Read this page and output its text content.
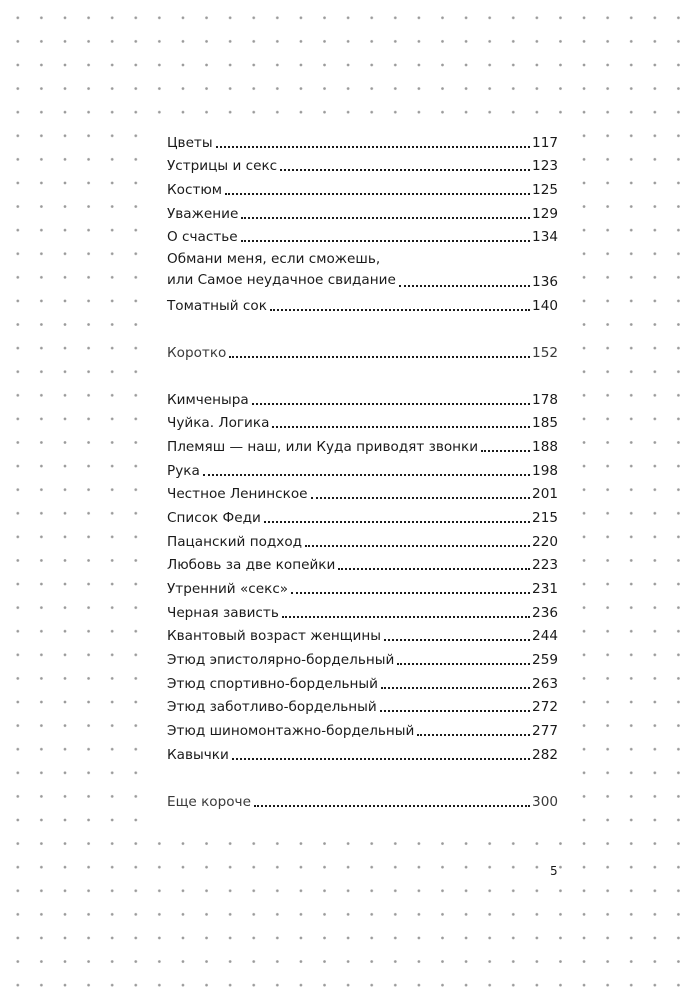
Цветы	117
Устрицы и секс	123
Костюм	125
Уважение	129
О счастье	134
Обмани меня, если сможешь,
или Самое неудачное свидание	136
Томатный сок	140
Коротко	152
Кимченыра	178
Чуйка. Логика	185
Племяш — наш, или Куда приводят звонки	188
Рука	198
Честное Ленинское	201
Список Феди	215
Пацанский подход	220
Любовь за две копейки	223
Утренний «секс»	231
Черная зависть	236
Квантовый возраст женщины	244
Этюд эпистолярно-бордельный	259
Этюд спортивно-бордельный	263
Этюд заботливо-бордельный	272
Этюд шиномонтажно-бордельный	277
Кавычки	282
Еще короче	300
5
